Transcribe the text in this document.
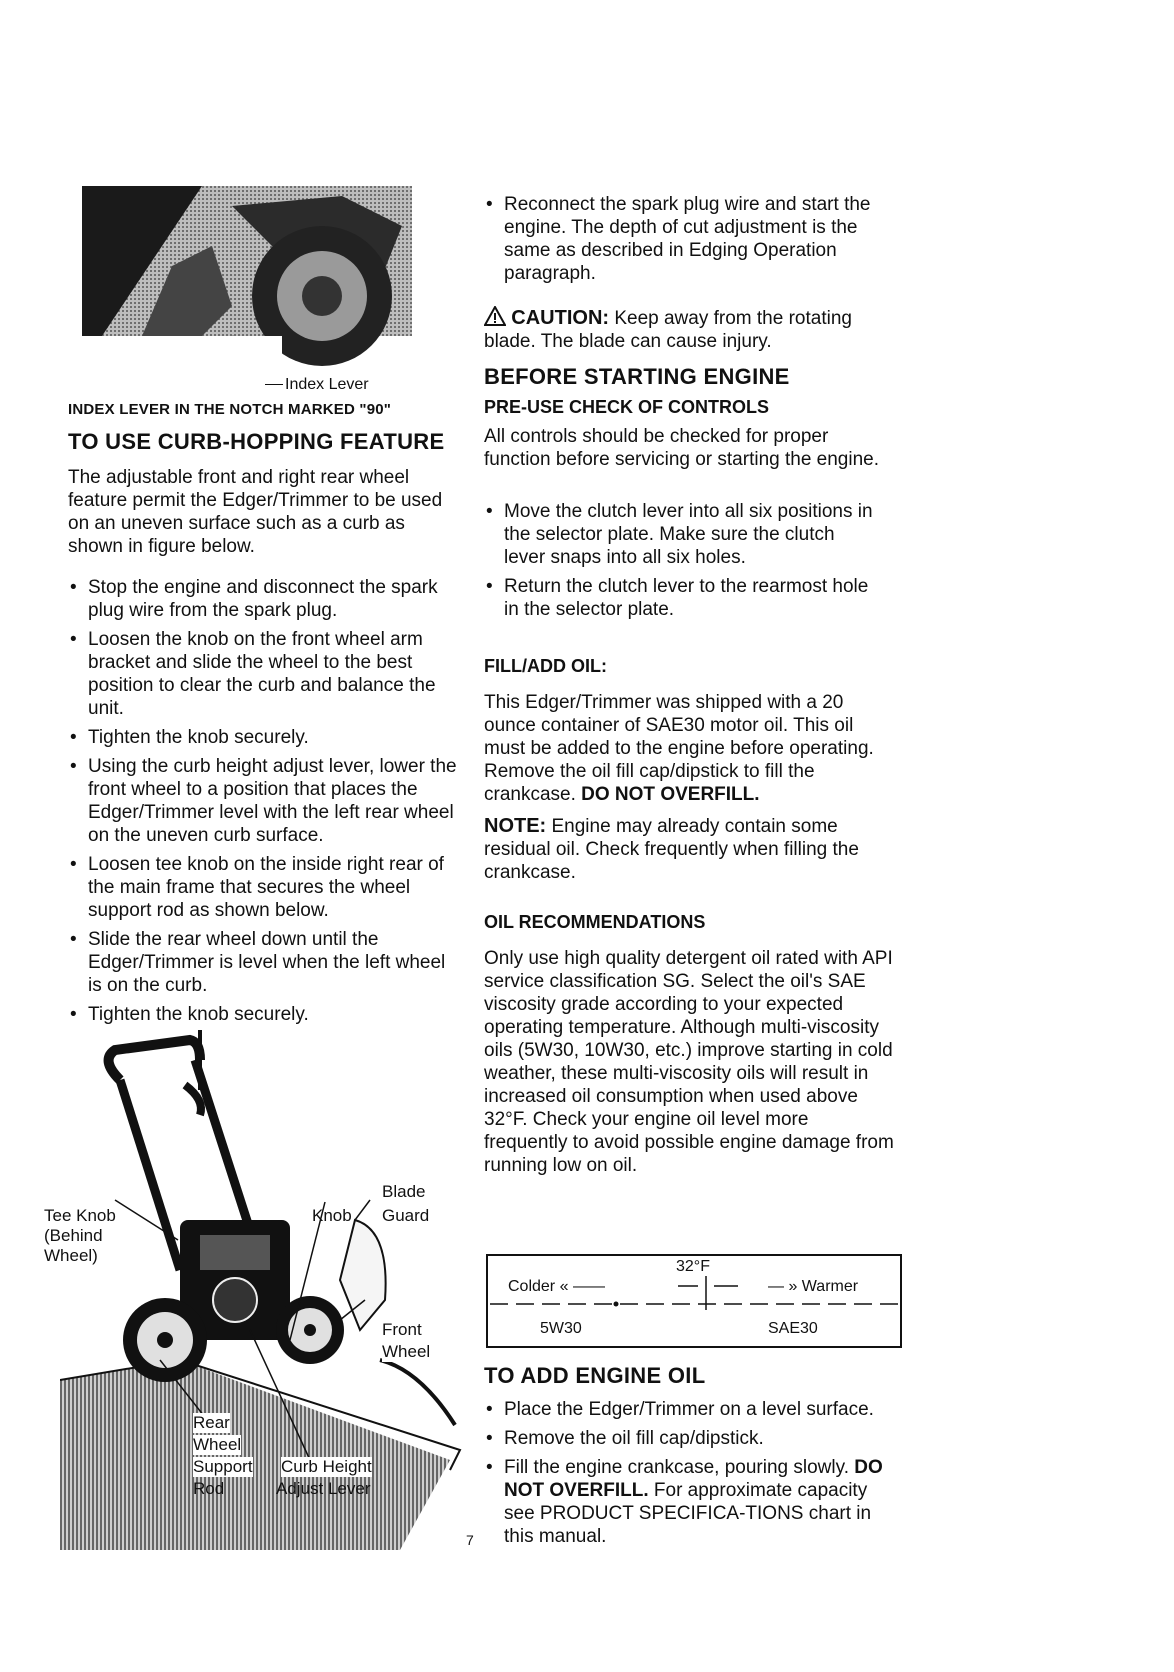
Index Lever
INDEX LEVER IN THE NOTCH MARKED "90"
TO USE CURB-HOPPING FEATURE
The adjustable front and right rear wheel feature permit the Edger/Trimmer to be used on an uneven surface such as a curb as shown in figure below.
• Stop the engine and disconnect the spark plug wire from the spark plug.
• Loosen the knob on the front wheel arm bracket and slide the wheel to the best position to clear the curb and balance the unit.
• Tighten the knob securely.
• Using the curb height adjust lever, lower the front wheel to a position that places the Edger/Trimmer level with the left rear wheel on the uneven curb surface.
• Loosen tee knob on the inside right rear of the main frame that secures the wheel support rod as shown below.
• Slide the rear wheel down until the Edger/Trimmer is level when the left wheel is on the curb.
• Tighten the knob securely.
Tee Knob
(Behind
Wheel)
Knob
Blade
Guard
Front
Wheel
Rear
Wheel
Support
Rod
Curb Height
Adjust Lever
• Reconnect the spark plug wire and start the engine. The depth of cut adjustment is the same as described in Edging Operation paragraph.
CAUTION: Keep away from the rotating blade. The blade can cause injury.
BEFORE STARTING ENGINE
PRE-USE CHECK OF CONTROLS
All controls should be checked for proper function before servicing or starting the engine.
• Move the clutch lever into all six positions in the selector plate. Make sure the clutch lever snaps into all six holes.
• Return the clutch lever to the rearmost hole in the selector plate.
FILL/ADD OIL:
This Edger/Trimmer was shipped with a 20 ounce container of SAE30 motor oil. This oil must be added to the engine before operating. Remove the oil fill cap/dipstick to fill the crankcase. DO NOT OVERFILL.
NOTE: Engine may already contain some residual oil. Check frequently when filling the crankcase.
OIL RECOMMENDATIONS
Only use high quality detergent oil rated with API service classification SG. Select the oil's SAE viscosity grade according to your expected operating temperature. Although multi-viscosity oils (5W30, 10W30, etc.) improve starting in cold weather, these multi-viscosity oils will result in increased oil consumption when used above 32°F. Check your engine oil level more frequently to avoid possible engine damage from running low on oil.
32°F
Colder « ——	— » Warmer
5W30	SAE30
TO ADD ENGINE OIL
• Place the Edger/Trimmer on a level surface.
• Remove the oil fill cap/dipstick.
• Fill the engine crankcase, pouring slowly. DO NOT OVERFILL. For approximate capacity see PRODUCT SPECIFICA-TIONS chart in this manual.
7
